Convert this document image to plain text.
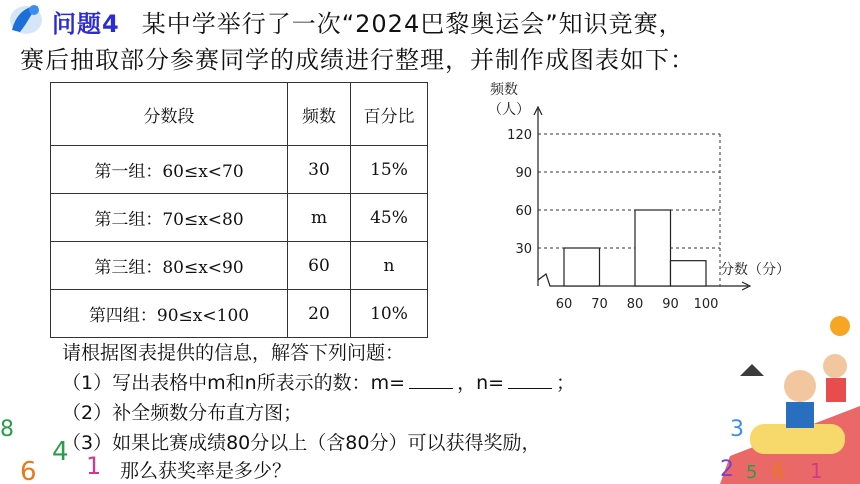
问题4 某中学举行了一次“2024巴黎奥运会”知识竞赛，
赛后抽取部分参赛同学的成绩进行整理，并制作成图表如下：
分数段	频数	百分比
第一组：60≤x<70	30	15%
第二组：70≤x<80	m	45%
第三组：80≤x<90	60	n
第四组：90≤x<100	20	10%
频数
（人）
分数（分）
30
60
90
120
60 70 80 90 100
请根据图表提供的信息，解答下列问题：
（1）写出表格中m和n所表示的数：m=	，n=	；
（2）补全频数分布直方图；
（3）如果比赛成绩80分以上（含80分）可以获得奖励，
那么获奖率是多少？	2 5 6 1
3
8
6
4 1
